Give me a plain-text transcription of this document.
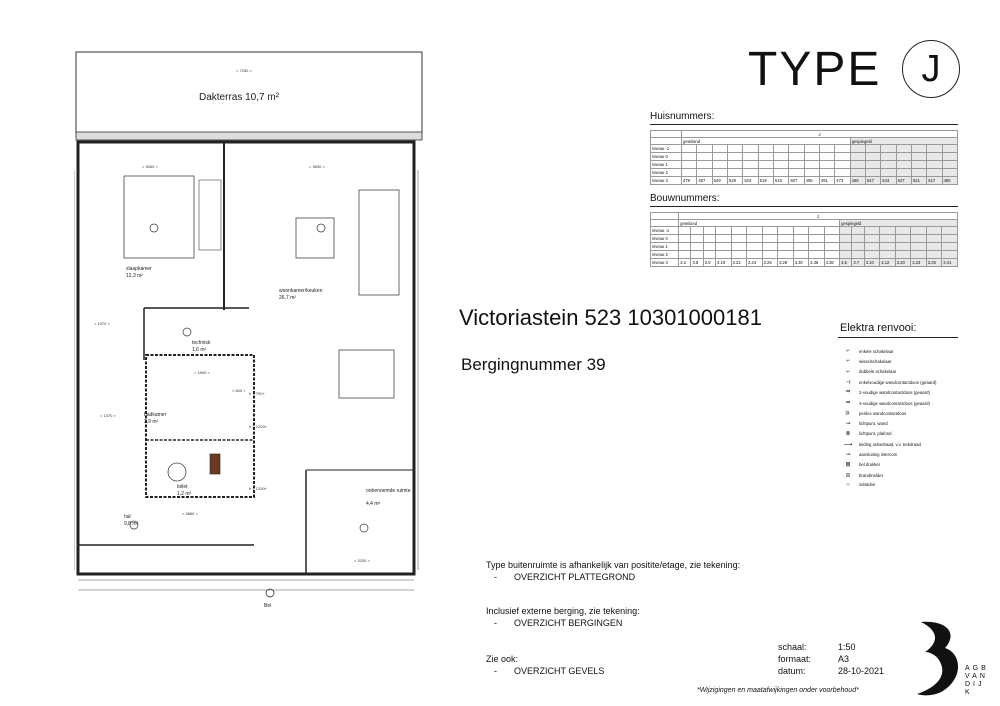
TYPE J
Dakterras 10,7 m²
< 7250 >
slaapkamer
12,3 m²
woonkamer/keuken
26,7 m²
technisk
1,6 m²
badkamer
2,9 m²
toilet
1,2 m²
hal
9,8 m²
onbenoemde ruimte
4,4 m²
< 3060 >	< 3830 >
< 1370 >
< 4860 >
< 2030 >
< 1370 >
< 600 >
< 1690 >
h = 700+
h = 1200+
h = 1200+
Bel
Huisnummers:
	J																	
	geteiland											gespiegeld						
niveau -1																		
niveau 0																		
niveau 1																		
niveau 2																		
niveau 3	479	467	549	529	523	519	515	507	495	491	473	469	547	543	527	521	517	485
Bouwnummers:
	J																		
	geteiland											gespiegeld							
niveau -1																			
niveau 0																			
niveau 1																			
niveau 2																			
niveau 3	3.2	3.8	3.9	3.19	3.22	3.24	3.26	3.28	3.30	3.36	3.38	3.5	3.7	3.10	3.12	3.20	3.23	3.25	3.41
Victoriastein 523 10301000181
Bergingnummer 39
Elektra renvooi:
⌐	enkele schakelaar
⌐	wisselschakelaar
⌐	dubbele schakelaar
⊣	enkelvoudige wandcontactdoos (geaard)
⫤	2-voudige wandcontactdoos (geaard)
⫤	4-voudige wandcontactdoos (geaard)
⊪	perilex wandcontactdoos
⊸	lichtpunt, wand
⊗	lichtpunt, plafond
⟶ leiding onbedraad, v.v. trekdraad
⊸	aansluiting intercom
⊠	bel drukker
⊖	brandmelder
○	solatube
Type buitenruimte is afhankelijk van positite/etage, zie tekening:
- OVERZICHT PLATTEGROND
Inclusief externe berging, zie tekening:
- OVERZICHT BERGINGEN
Zie ook:
- OVERZICHT GEVELS
schaal:	1:50
formaat:	A3
datum:	28-10-2021
*Wijzigingen en maatafwijkingen onder voorbehoud*
AGB VAN DIJK
